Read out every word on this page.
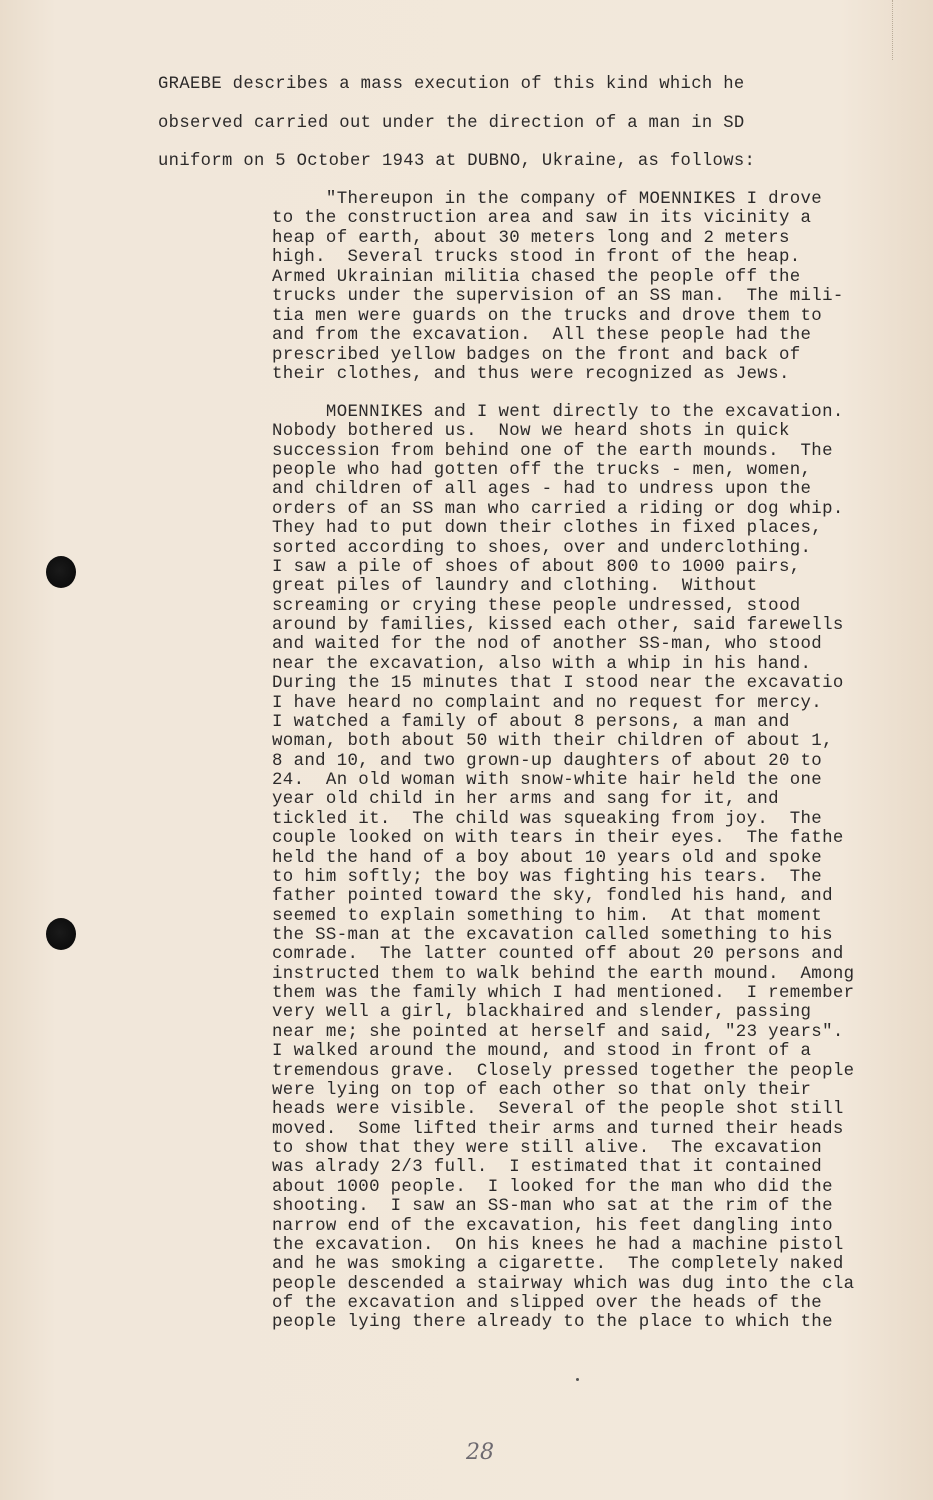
GRAEBE describes a mass execution of this kind which he
observed carried out under the direction of a man in SD
uniform on 5 October 1943 at DUBNO, Ukraine, as follows:
"Thereupon in the company of MOENNIKES I drove
to the construction area and saw in its vicinity a
heap of earth, about 30 meters long and 2 meters
high.  Several trucks stood in front of the heap.
Armed Ukrainian militia chased the people off the
trucks under the supervision of an SS man.  The mili-
tia men were guards on the trucks and drove them to
and from the excavation.  All these people had the
prescribed yellow badges on the front and back of
their clothes, and thus were recognized as Jews.
MOENNIKES and I went directly to the excavation.
Nobody bothered us.  Now we heard shots in quick
succession from behind one of the earth mounds.  The
people who had gotten off the trucks - men, women,
and children of all ages - had to undress upon the
orders of an SS man who carried a riding or dog whip.
They had to put down their clothes in fixed places,
sorted according to shoes, over and underclothing.
I saw a pile of shoes of about 800 to 1000 pairs,
great piles of laundry and clothing.  Without
screaming or crying these people undressed, stood
around by families, kissed each other, said farewells
and waited for the nod of another SS-man, who stood
near the excavation, also with a whip in his hand.
During the 15 minutes that I stood near the excavatio
I have heard no complaint and no request for mercy.
I watched a family of about 8 persons, a man and
woman, both about 50 with their children of about 1,
8 and 10, and two grown-up daughters of about 20 to
24.  An old woman with snow-white hair held the one
year old child in her arms and sang for it, and
tickled it.  The child was squeaking from joy.  The
couple looked on with tears in their eyes.  The fathe
held the hand of a boy about 10 years old and spoke
to him softly; the boy was fighting his tears.  The
father pointed toward the sky, fondled his hand, and
seemed to explain something to him.  At that moment
the SS-man at the excavation called something to his
comrade.  The latter counted off about 20 persons and
instructed them to walk behind the earth mound.  Among
them was the family which I had mentioned.  I remember
very well a girl, blackhaired and slender, passing
near me; she pointed at herself and said, "23 years".
I walked around the mound, and stood in front of a
tremendous grave.  Closely pressed together the people
were lying on top of each other so that only their
heads were visible.  Several of the people shot still
moved.  Some lifted their arms and turned their heads
to show that they were still alive.  The excavation
was alrady 2/3 full.  I estimated that it contained
about 1000 people.  I looked for the man who did the
shooting.  I saw an SS-man who sat at the rim of the
narrow end of the excavation, his feet dangling into
the excavation.  On his knees he had a machine pistol
and he was smoking a cigarette.  The completely naked
people descended a stairway which was dug into the cla
of the excavation and slipped over the heads of the
people lying there already to the place to which the
28
